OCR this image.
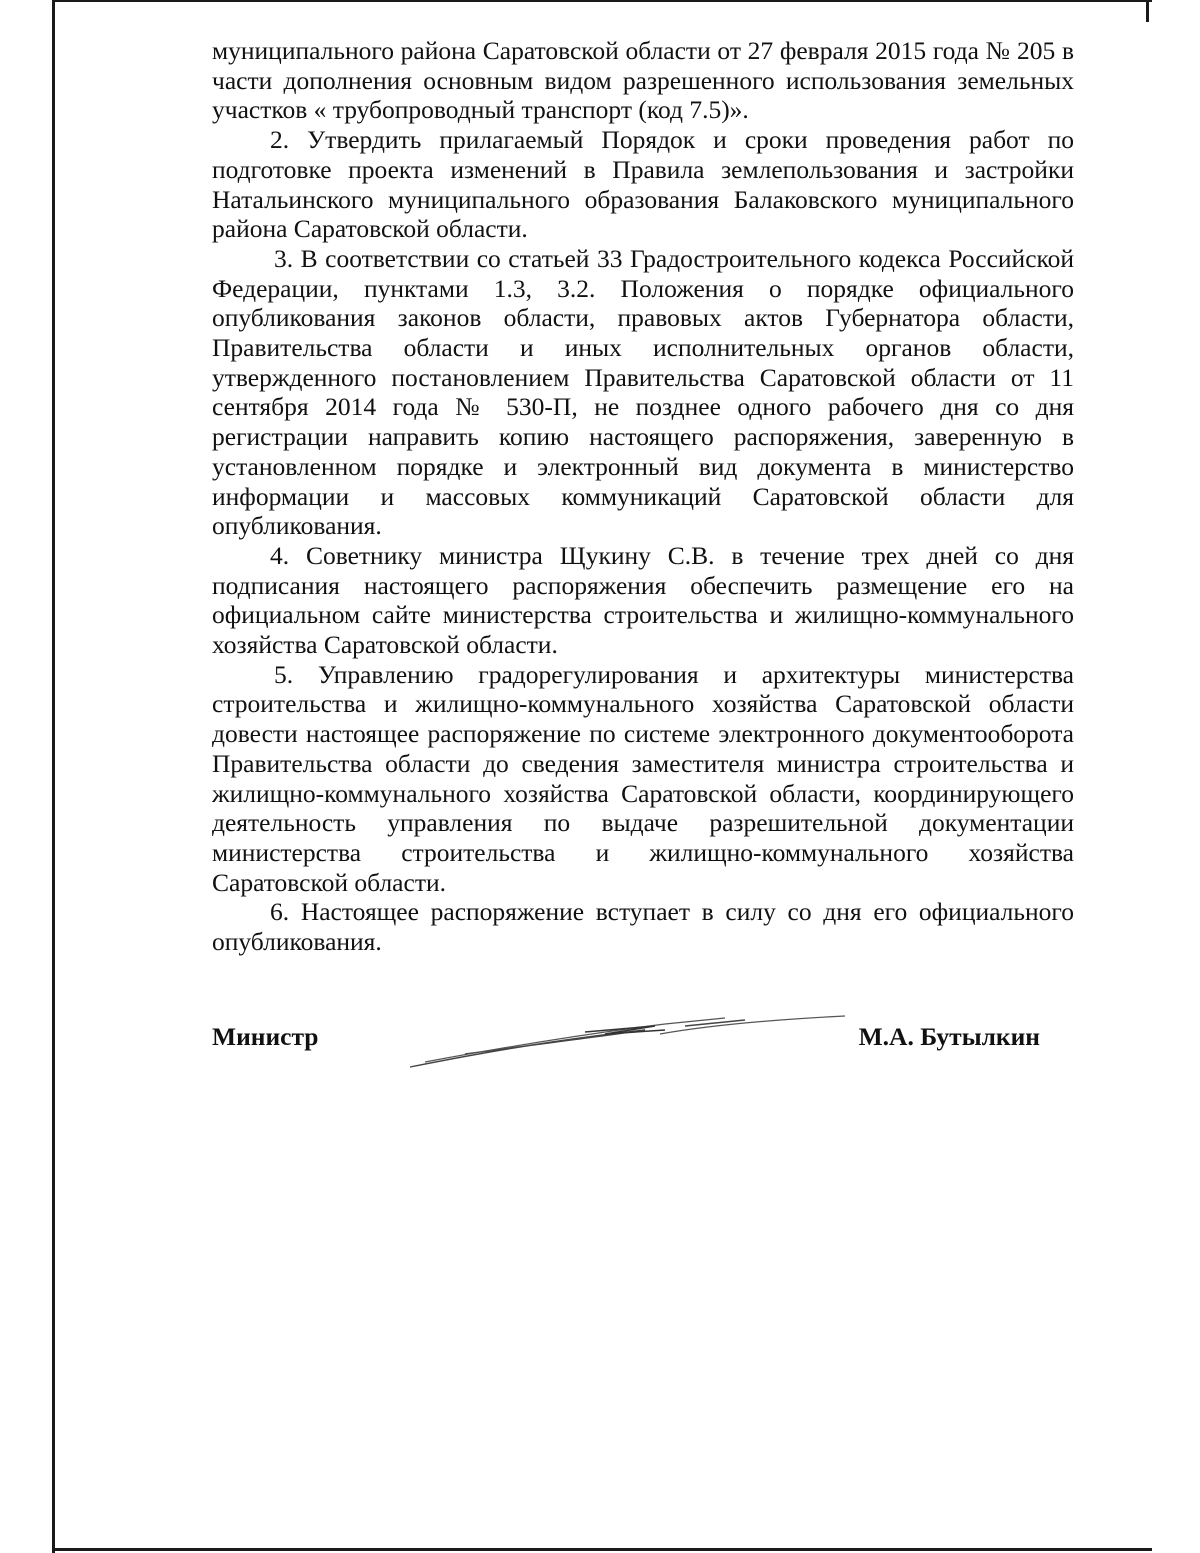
муниципального района Саратовской области от 27 февраля 2015 года № 205 в части дополнения основным видом разрешенного использования земельных участков « трубопроводный транспорт (код 7.5)».

2. Утвердить прилагаемый Порядок и сроки проведения работ по подготовке проекта изменений в Правила землепользования и застройки Натальинского муниципального образования Балаковского муниципального района Саратовской области.

3. В соответствии со статьей 33 Градостроительного кодекса Российской Федерации, пунктами 1.3, 3.2. Положения о порядке официального опубликования законов области, правовых актов Губернатора области, Правительства области и иных исполнительных органов области, утвержденного постановлением Правительства Саратовской области от 11 сентября 2014 года № 530-П, не позднее одного рабочего дня со дня регистрации направить копию настоящего распоряжения, заверенную в установленном порядке и электронный вид документа в министерство информации и массовых коммуникаций Саратовской области для опубликования.

4. Советнику министра Щукину С.В. в течение трех дней со дня подписания настоящего распоряжения обеспечить размещение его на официальном сайте министерства строительства и жилищно-коммунального хозяйства Саратовской области.

5. Управлению градорегулирования и архитектуры министерства строительства и жилищно-коммунального хозяйства Саратовской области довести настоящее распоряжение по системе электронного документооборота Правительства области до сведения заместителя министра строительства и жилищно-коммунального хозяйства Саратовской области, координирующего деятельность управления по выдаче разрешительной документации министерства строительства и жилищно-коммунального хозяйства Саратовской области.

6. Настоящее распоряжение вступает в силу со дня его официального опубликования.

Министр	М.А. Бутылкин
